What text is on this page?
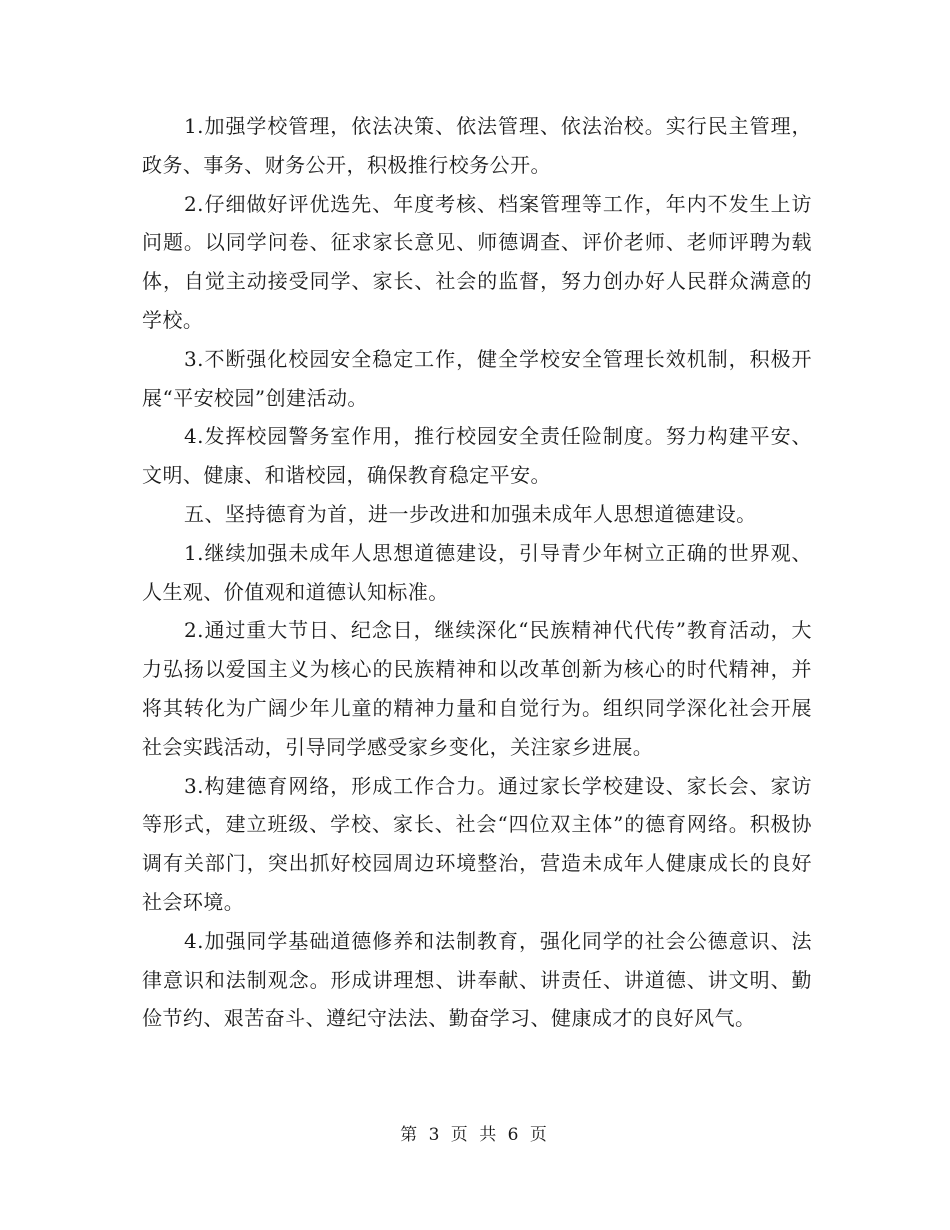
1.加强学校管理，依法决策、依法管理、依法治校。实行民主管理，政务、事务、财务公开，积极推行校务公开。

2.仔细做好评优选先、年度考核、档案管理等工作，年内不发生上访问题。以同学问卷、征求家长意见、师德调查、评价老师、老师评聘为载体，自觉主动接受同学、家长、社会的监督，努力创办好人民群众满意的学校。

3.不断强化校园安全稳定工作，健全学校安全管理长效机制，积极开展“平安校园”创建活动。

4.发挥校园警务室作用，推行校园安全责任险制度。努力构建平安、文明、健康、和谐校园，确保教育稳定平安。

五、坚持德育为首，进一步改进和加强未成年人思想道德建设。

1.继续加强未成年人思想道德建设，引导青少年树立正确的世界观、人生观、价值观和道德认知标准。

2.通过重大节日、纪念日，继续深化“民族精神代代传”教育活动，大力弘扬以爱国主义为核心的民族精神和以改革创新为核心的时代精神，并将其转化为广阔少年儿童的精神力量和自觉行为。组织同学深化社会开展社会实践活动，引导同学感受家乡变化，关注家乡进展。

3.构建德育网络，形成工作合力。通过家长学校建设、家长会、家访等形式，建立班级、学校、家长、社会“四位双主体”的德育网络。积极协调有关部门，突出抓好校园周边环境整治，营造未成年人健康成长的良好社会环境。

4.加强同学基础道德修养和法制教育，强化同学的社会公德意识、法律意识和法制观念。形成讲理想、讲奉献、讲责任、讲道德、讲文明、勤俭节约、艰苦奋斗、遵纪守法法、勤奋学习、健康成才的良好风气。

第 3 页 共 6 页
